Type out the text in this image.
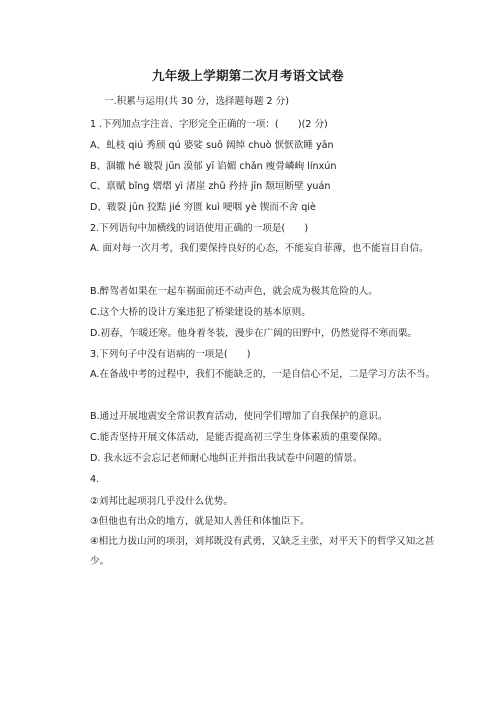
九年级上学期第二次月考语文试卷
一.积累与运用(共 30 分，选择题每题 2 分)
1 .下列加点字注音、字形完全正确的一项：(　　)(2 分)
A、虬枝 qiú 秀颀 qú 婆娑 suō 阔绰 chuò 恹恹欲睡 yān
B、涸辙 hé 皲裂 jūn 漠郁 yī 谄媚 chǎn 瘦骨嶙峋 línxún
C、禀赋 bǐng 熠熠 yì 渚崖 zhǔ 矜持 jīn 颓垣断壁 yuán
D、皲裂 jūn 狡黠 jié 穷匮 kuì 哽咽 yè 锲而不舍 qiè
2.下列语句中加横线的词语使用正确的一项是(　　)
A. 面对每一次月考，我们要保持良好的心态，不能妄自菲薄，也不能盲目自信。
B.醉驾者如果在一起车祸面前还不动声色，就会成为极其危险的人。
C.这个大桥的设计方案违犯了桥梁建设的基本原则。
D.初春，乍暖还寒。他身着冬装，漫步在广阔的田野中，仍然觉得不寒而栗。
3.下列句子中没有语病的一项是(　　)
A.在备战中考的过程中，我们不能缺乏的，一是自信心不足，二是学习方法不当。
B.通过开展地震安全常识教育活动，使同学们增加了自我保护的意识。
C.能否坚持开展文体活动，是能否提高初三学生身体素质的重要保障。
D. 我永远不会忘记老师耐心地纠正并指出我试卷中问题的情景。
4.
②刘邦比起项羽几乎没什么优势。
③但他也有出众的地方，就是知人善任和体恤臣下。
④相比力拔山河的项羽，刘邦既没有武勇，又缺乏主张，对平天下的哲学又知之甚少。
